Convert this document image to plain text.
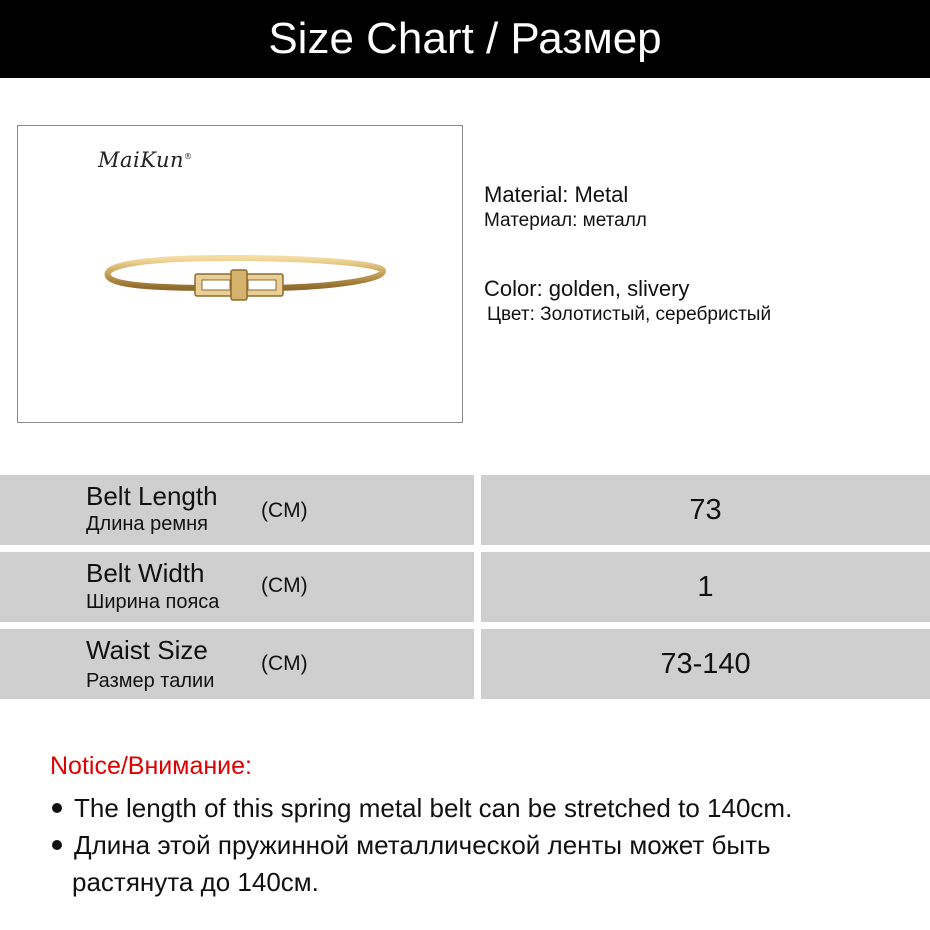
Size Chart / Размер
MaiKun®
Material: Metal
Материал: металл
Color: golden, slivery
Цвет: Золотистый, серебристый
Belt Length
Длина ремня
(CM)	73
Belt Width
Ширина пояса
(CM)	1
Waist Size
Размер талии
(CM)	73-140
Notice/Внимание:
The length of this spring metal belt can be stretched to 140cm.
Длина этой пружинной металлической ленты может быть
растянута до 140см.
